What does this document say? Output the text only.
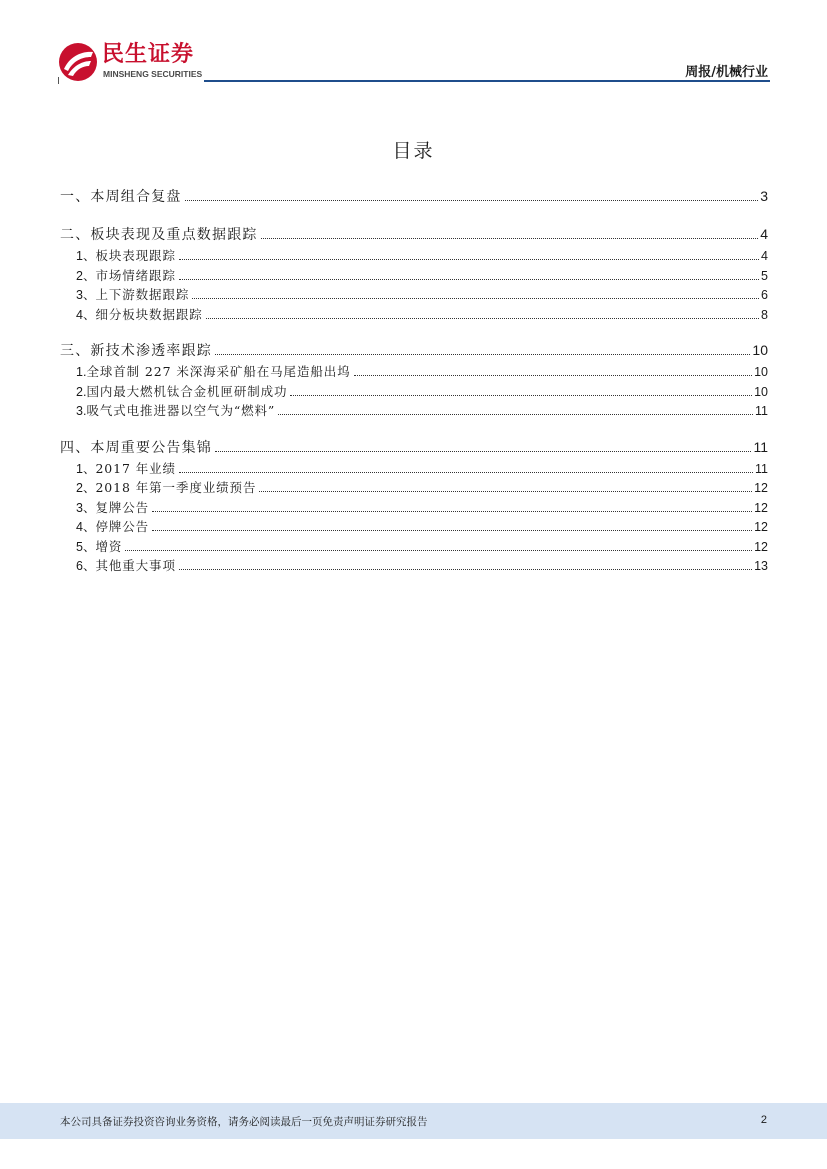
民生证券
MINSHENG SECURITIES	周报/机械行业
目录
一、本周组合复盘	3
二、板块表现及重点数据跟踪	4
1、板块表现跟踪	4
2、市场情绪跟踪	5
3、上下游数据跟踪	6
4、细分板块数据跟踪	8
三、新技术渗透率跟踪	10
1.全球首制 227 米深海采矿船在马尾造船出坞	10
2.国内最大燃机钛合金机匣研制成功	10
3.吸气式电推进器以空气为“燃料”	11
四、本周重要公告集锦	11
1、2017 年业绩	11
2、2018 年第一季度业绩预告	12
3、复牌公告	12
4、停牌公告	12
5、增资	12
6、其他重大事项	13
本公司具备证券投资咨询业务资格，请务必阅读最后一页免责声明证券研究报告	2
